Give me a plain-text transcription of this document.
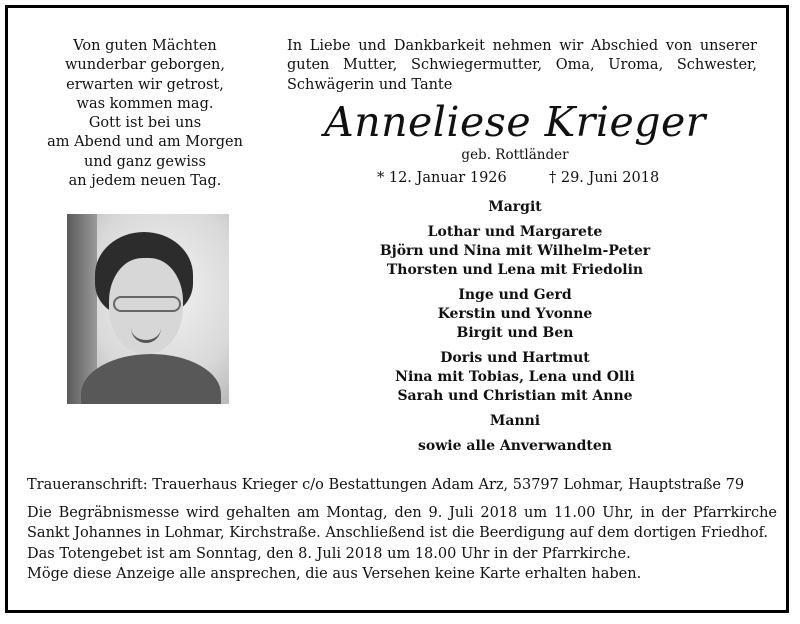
Von guten Mächten
wunderbar geborgen,
erwarten wir getrost,
was kommen mag.
Gott ist bei uns
am Abend und am Morgen
und ganz gewiss
an jedem neuen Tag.
In Liebe und Dankbarkeit nehmen wir Abschied von unserer guten Mutter, Schwiegermutter, Oma, Uroma, Schwester, Schwägerin und Tante
Anneliese Krieger
geb. Rottländer
* 12. Januar 1926	† 29. Juni 2018
Margit
Lothar und Margarete
Björn und Nina mit Wilhelm-Peter
Thorsten und Lena mit Friedolin
Inge und Gerd
Kerstin und Yvonne
Birgit und Ben
Doris und Hartmut
Nina mit Tobias, Lena und Olli
Sarah und Christian mit Anne
Manni
sowie alle Anverwandten
Traueranschrift: Trauerhaus Krieger c/o Bestattungen Adam Arz, 53797 Lohmar, Hauptstraße 79
Die Begräbnismesse wird gehalten am Montag, den 9. Juli 2018 um 11.00 Uhr, in der Pfarrkirche Sankt Johannes in Lohmar, Kirchstraße. Anschließend ist die Beerdigung auf dem dortigen Friedhof.
Das Totengebet ist am Sonntag, den 8. Juli 2018 um 18.00 Uhr in der Pfarrkirche.
Möge diese Anzeige alle ansprechen, die aus Versehen keine Karte erhalten haben.
